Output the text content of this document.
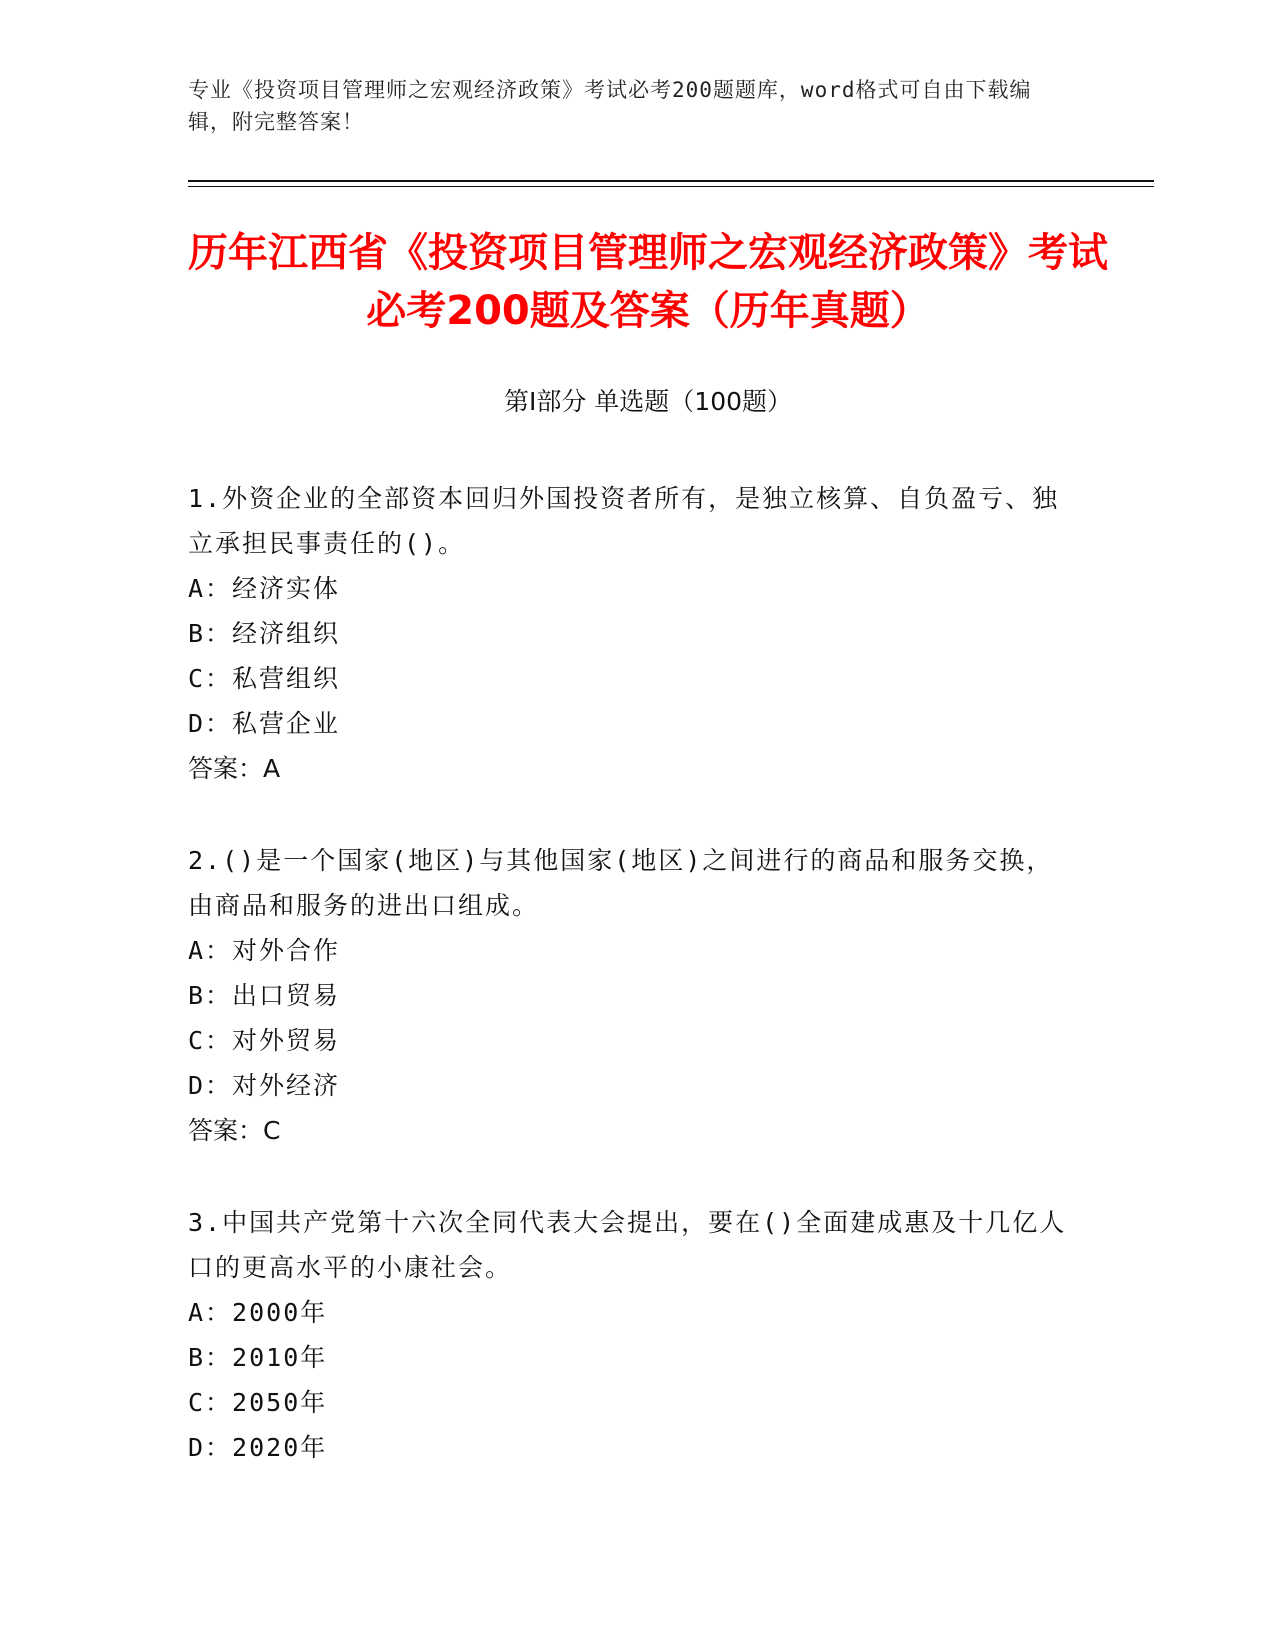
专业《投资项目管理师之宏观经济政策》考试必考200题题库，word格式可自由下载编辑，附完整答案！
历年江西省《投资项目管理师之宏观经济政策》考试必考200题及答案（历年真题）
第Ⅰ部分 单选题（100题）

1.外资企业的全部资本回归外国投资者所有，是独立核算、自负盈亏、独立承担民事责任的()。

A：经济实体

B：经济组织

C：私营组织

D：私营企业

答案：A

2.()是一个国家(地区)与其他国家(地区)之间进行的商品和服务交换，由商品和服务的进出口组成。

A：对外合作

B：出口贸易

C：对外贸易

D：对外经济

答案：C

3.中国共产党第十六次全同代表大会提出，要在()全面建成惠及十几亿人口的更高水平的小康社会。

A：2000年

B：2010年

C：2050年

D：2020年
